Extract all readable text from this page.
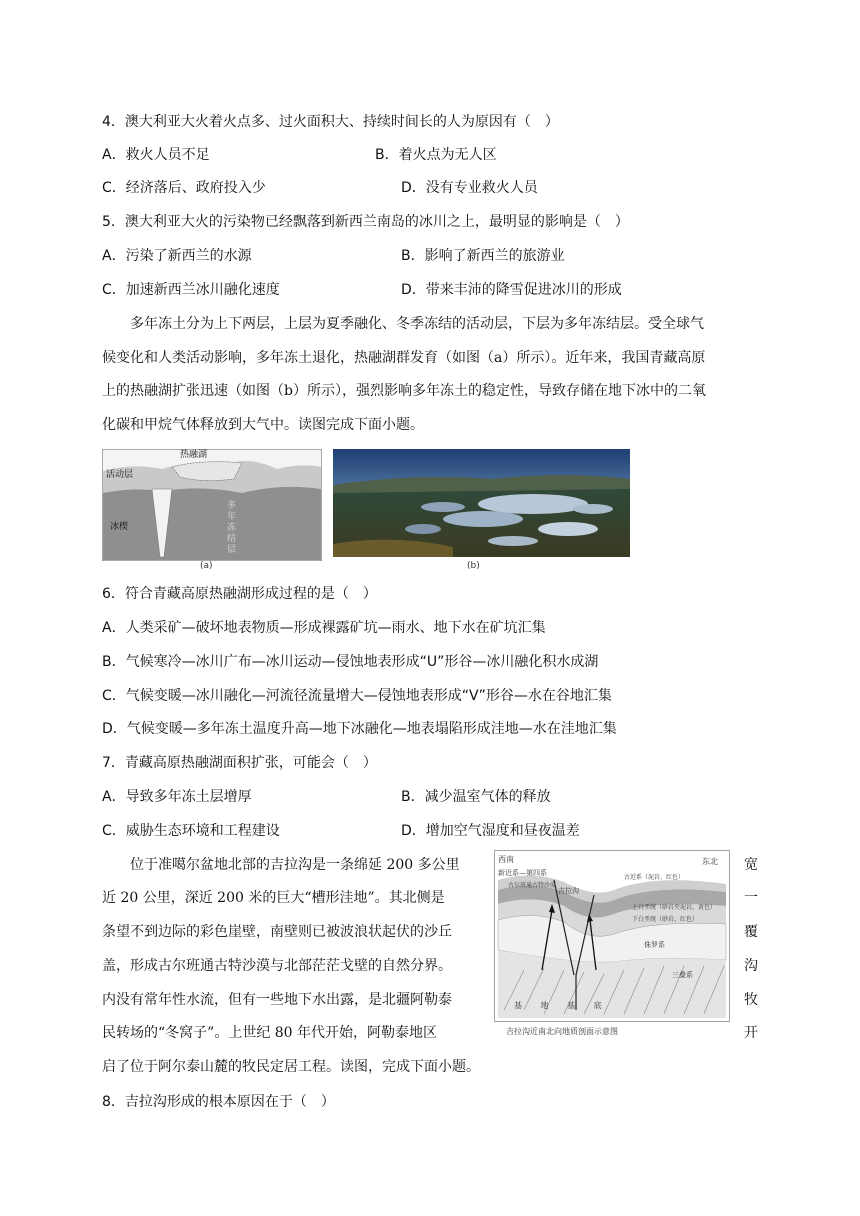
4．澳大利亚大火着火点多、过火面积大、持续时间长的人为原因有（　）
A．救火人员不足	B．着火点为无人区
C．经济落后、政府投入少	D．没有专业救火人员
5．澳大利亚大火的污染物已经飘落到新西兰南岛的冰川之上，最明显的影响是（　）
A．污染了新西兰的水源	B．影响了新西兰的旅游业
C．加速新西兰冰川融化速度	D．带来丰沛的降雪促进冰川的形成

多年冻土分为上下两层，上层为夏季融化、冬季冻结的活动层，下层为多年冻结层。受全球气

候变化和人类活动影响，多年冻土退化，热融湖群发育（如图（a）所示）。近年来，我国青藏高原

上的热融湖扩张迅速（如图（b）所示），强烈影响多年冻土的稳定性，导致存储在地下冰中的二氧

化碳和甲烷气体释放到大气中。读图完成下面小题。

热融湖
活动层
冰楔
多年冻结层
(a)	(b)
6．符合青藏高原热融湖形成过程的是（　）
A．人类采矿—破坏地表物质—形成裸露矿坑—雨水、地下水在矿坑汇集
B．气候寒冷—冰川广布—冰川运动—侵蚀地表形成“U”形谷—冰川融化积水成湖
C．气候变暖—冰川融化—河流径流量增大—侵蚀地表形成“V”形谷—水在谷地汇集
D．气候变暖—多年冻土温度升高—地下冰融化—地表塌陷形成洼地—水在洼地汇集
7．青藏高原热融湖面积扩张，可能会（　）
A．导致多年冻土层增厚	B．减少温室气体的释放
C．威胁生态环境和工程建设	D．增加空气湿度和昼夜温差
位于准噶尔盆地北部的吉拉沟是一条绵延 200 多公里	宽
近 20 公里，深近 200 米的巨大“槽形洼地”。其北侧是	一
条望不到边际的彩色崖壁，南壁则已被波浪状起伏的沙丘	覆
盖，形成古尔班通古特沙漠与北部茫茫戈壁的自然分界。	沟
内没有常年性水流，但有一些地下水出露，是北疆阿勒泰	牧
民转场的“冬窝子”。上世纪 80 年代开始，阿勒泰地区	开
启了位于阿尔泰山麓的牧民定居工程。读图，完成下面小题。
西南	东北
新近系—第四系
古尔班通古特沙漠
吉拉沟
古近系（泥岩、红色）
上白垩统（砂岩夹泥岩，黄色）
下白垩统（砂岩，红色）
侏罗系
三叠系
基 地 基 底
吉拉沟近南北向地质剖面示意图
8．吉拉沟形成的根本原因在于（　）
